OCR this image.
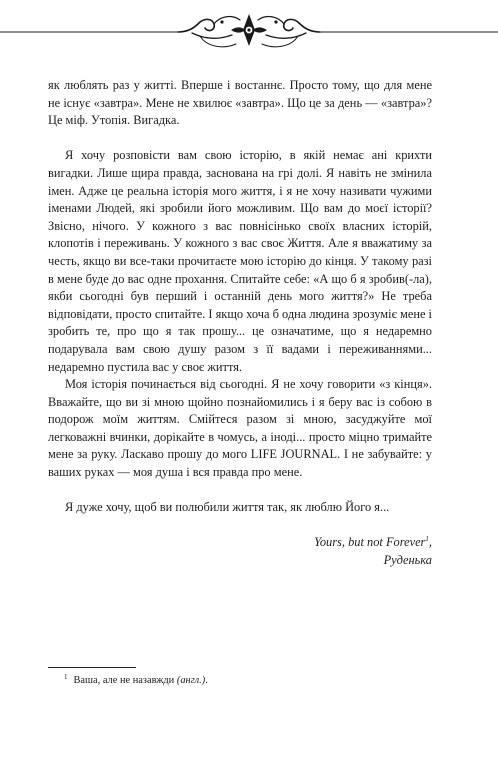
як люблять раз у житті. Вперше і востаннє. Просто тому, що для мене не існує «завтра». Мене не хвилює «завтра». Що це за день — «завтра»? Це міф. Утопія. Вигадка.

Я хочу розповісти вам свою історію, в якій немає ані крихти вигадки. Лише щира правда, заснована на грі долі. Я навіть не змінила імен. Адже це реальна історія мого життя, і я не хочу називати чужими іменами Людей, які зробили його можливим. Що вам до моєї історії? Звісно, нічого. У кожного з вас повнісінько своїх власних історій, клопотів і переживань. У кожного з вас своє Життя. Але я вважатиму за честь, якщо ви все-таки прочитаєте мою історію до кінця. У такому разі в мене буде до вас одне прохання. Спитайте себе: «А що б я зробив(-ла), якби сьогодні був перший і останній день мого життя?» Не треба відповідати, просто спитайте. І якщо хоча б одна людина зрозуміє мене і зробить те, про що я так прошу... це означатиме, що я недаремно подарувала вам свою душу разом з її вадами і переживаннями... недаремно пустила вас у своє життя.

Моя історія починається від сьогодні. Я не хочу говорити «з кінця». Вважайте, що ви зі мною щойно познайомились і я беру вас із собою в подорож моїм життям. Смійтеся разом зі мною, засуджуйте мої легковажні вчинки, дорікайте в чомусь, а іноді... просто міцно тримайте мене за руку. Ласкаво прошу до мого LIFE JOURNAL. І не забувайте: у ваших руках — моя душа і вся правда про мене.

Я дуже хочу, щоб ви полюбили життя так, як люблю Його я...

Yours, but not Forever$^1$,

Руденька

$^1$ Ваша, але не назавжди (англ.).
